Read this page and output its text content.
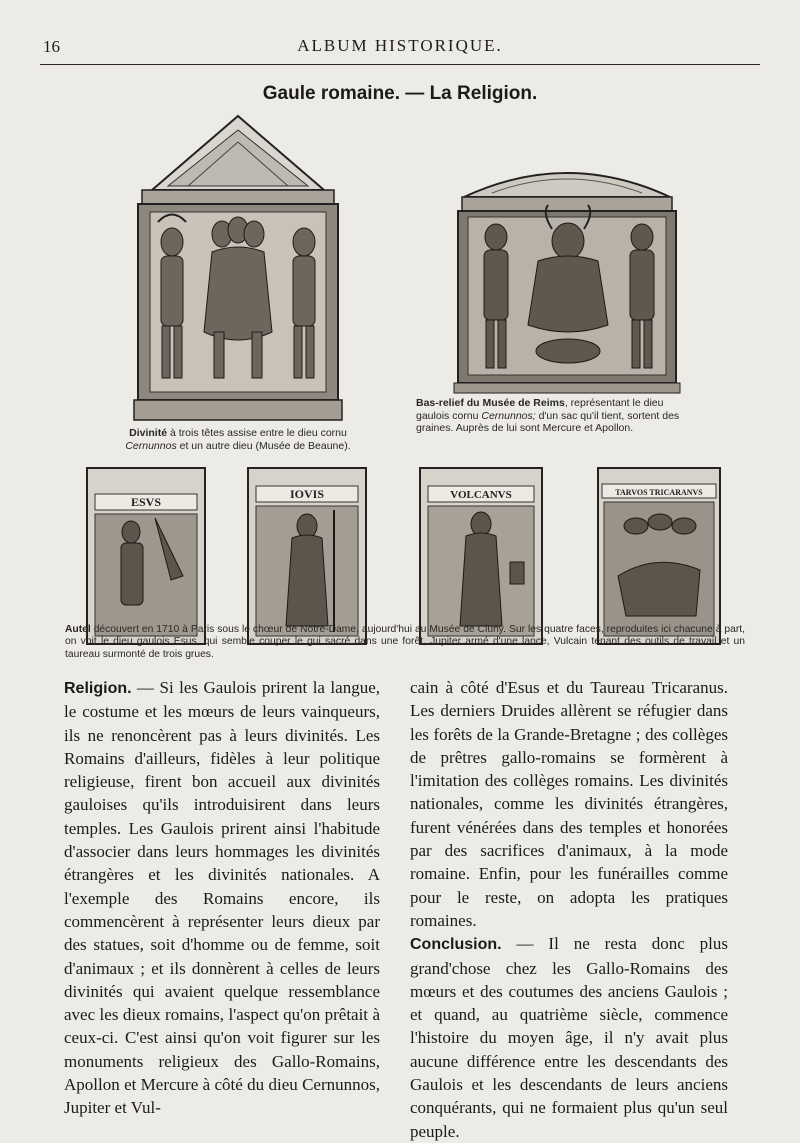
16	ALBUM HISTORIQUE.
Gaule romaine. — La Religion.
Divinité à trois têtes assise entre le dieu cornu Cernunnos et un autre dieu (Musée de Beaune).
Bas-relief du Musée de Reims, représentant le dieu gaulois cornu Cernunnos; d'un sac qu'il tient, sortent des graines. Auprès de lui sont Mercure et Apollon.
ESVS
IOVIS	VOLCANVS	TARVOS TRICARANVS
Autel découvert en 1710 à Paris sous le chœur de Notre-Dame, aujourd'hui au Musée de Cluny. Sur les quatre faces, reproduites ici chacune à part, on voit le dieu gaulois Esus, qui semble couper le gui sacré dans une forêt, Jupiter armé d'une lance, Vulcain tenant des outils de travail et un taureau surmonté de trois grues.

Religion. — Si les Gaulois prirent la langue, le costume et les mœurs de leurs vainqueurs, ils ne renoncèrent pas à leurs divinités. Les Romains d'ailleurs, fidèles à leur politique religieuse, firent bon accueil aux divinités gauloises qu'ils introduisirent dans leurs temples. Les Gaulois prirent ainsi l'habitude d'associer dans leurs hommages les divinités étrangères et les divinités nationales. A l'exemple des Romains encore, ils commencèrent à représenter leurs dieux par des statues, soit d'homme ou de femme, soit d'animaux ; et ils donnèrent à celles de leurs divinités qui avaient quelque ressemblance avec les dieux romains, l'aspect qu'on prêtait à ceux-ci. C'est ainsi qu'on voit figurer sur les monuments religieux des Gallo-Romains, Apollon et Mercure à côté du dieu Cernunnos, Jupiter et Vul-

cain à côté d'Esus et du Taureau Tricaranus. Les derniers Druides allèrent se réfugier dans les forêts de la Grande-Bretagne ; des collèges de prêtres gallo-romains se formèrent à l'imitation des collèges romains. Les divinités nationales, comme les divinités étrangères, furent vénérées dans des temples et honorées par des sacrifices d'animaux, à la mode romaine. Enfin, pour les funérailles comme pour le reste, on adopta les pratiques romaines.

Conclusion. — Il ne resta donc plus grand'chose chez les Gallo-Romains des mœurs et des coutumes des anciens Gaulois ; et quand, au quatrième siècle, commence l'histoire du moyen âge, il n'y avait plus aucune différence entre les descendants des Gaulois et les descendants de leurs anciens conquérants, qui ne formaient plus qu'un seul peuple.
